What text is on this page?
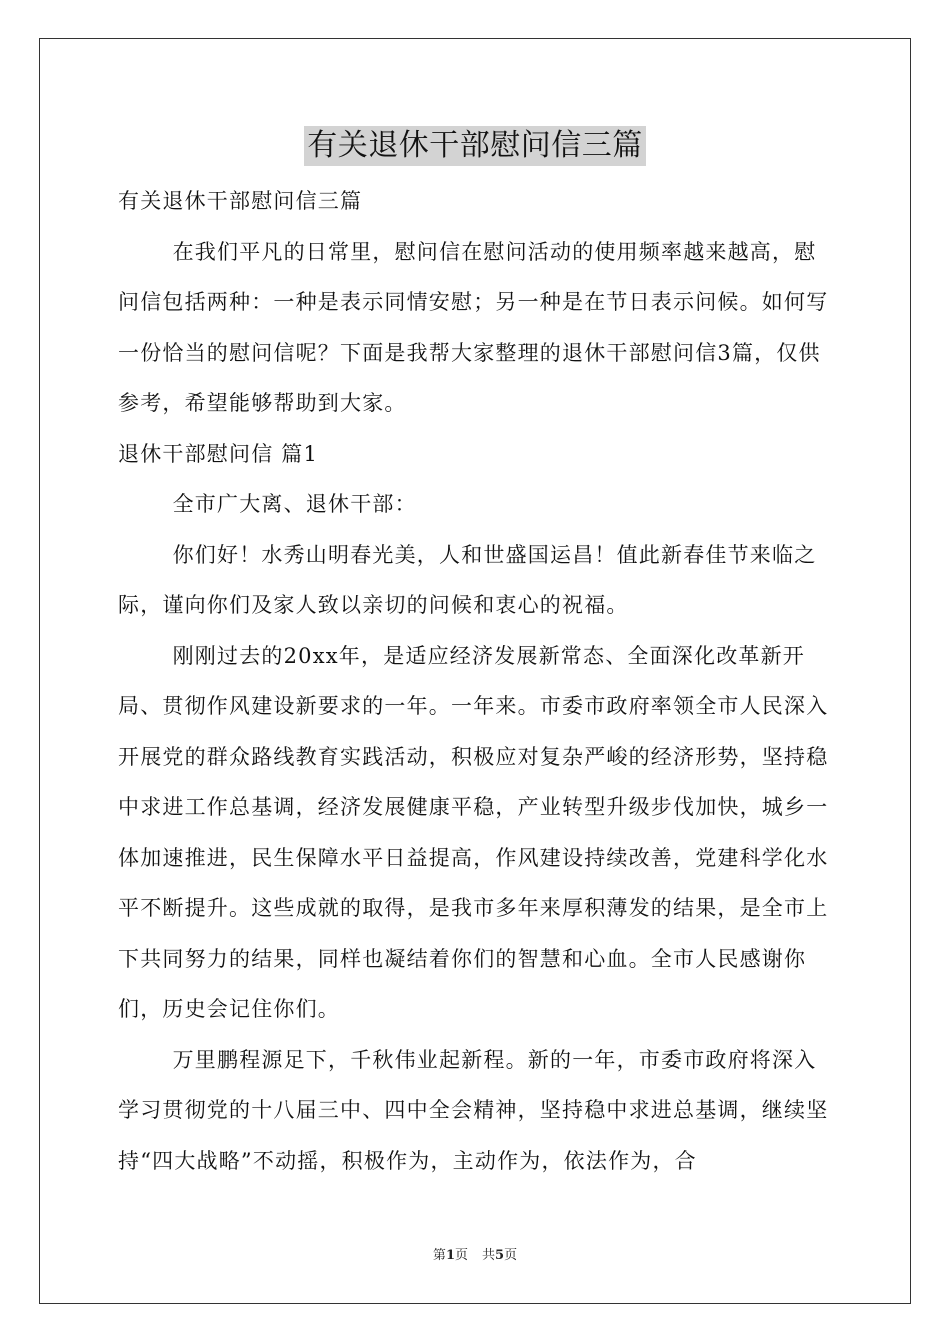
有关退休干部慰问信三篇

有关退休干部慰问信三篇

在我们平凡的日常里，慰问信在慰问活动的使用频率越来越高，慰问信包括两种：一种是表示同情安慰；另一种是在节日表示问候。如何写一份恰当的慰问信呢？下面是我帮大家整理的退休干部慰问信3篇，仅供参考，希望能够帮助到大家。

退休干部慰问信 篇1

全市广大离、退休干部：

你们好！水秀山明春光美，人和世盛国运昌！值此新春佳节来临之际，谨向你们及家人致以亲切的问候和衷心的祝福。

刚刚过去的20xx年，是适应经济发展新常态、全面深化改革新开局、贯彻作风建设新要求的一年。一年来。市委市政府率领全市人民深入开展党的群众路线教育实践活动，积极应对复杂严峻的经济形势，坚持稳中求进工作总基调，经济发展健康平稳，产业转型升级步伐加快，城乡一体加速推进，民生保障水平日益提高，作风建设持续改善，党建科学化水平不断提升。这些成就的取得，是我市多年来厚积薄发的结果，是全市上下共同努力的结果，同样也凝结着你们的智慧和心血。全市人民感谢你们，历史会记住你们。

万里鹏程源足下，千秋伟业起新程。新的一年，市委市政府将深入学习贯彻党的十八届三中、四中全会精神，坚持稳中求进总基调，继续坚持“四大战略”不动摇，积极作为，主动作为，依法作为，合

第1页 共5页
